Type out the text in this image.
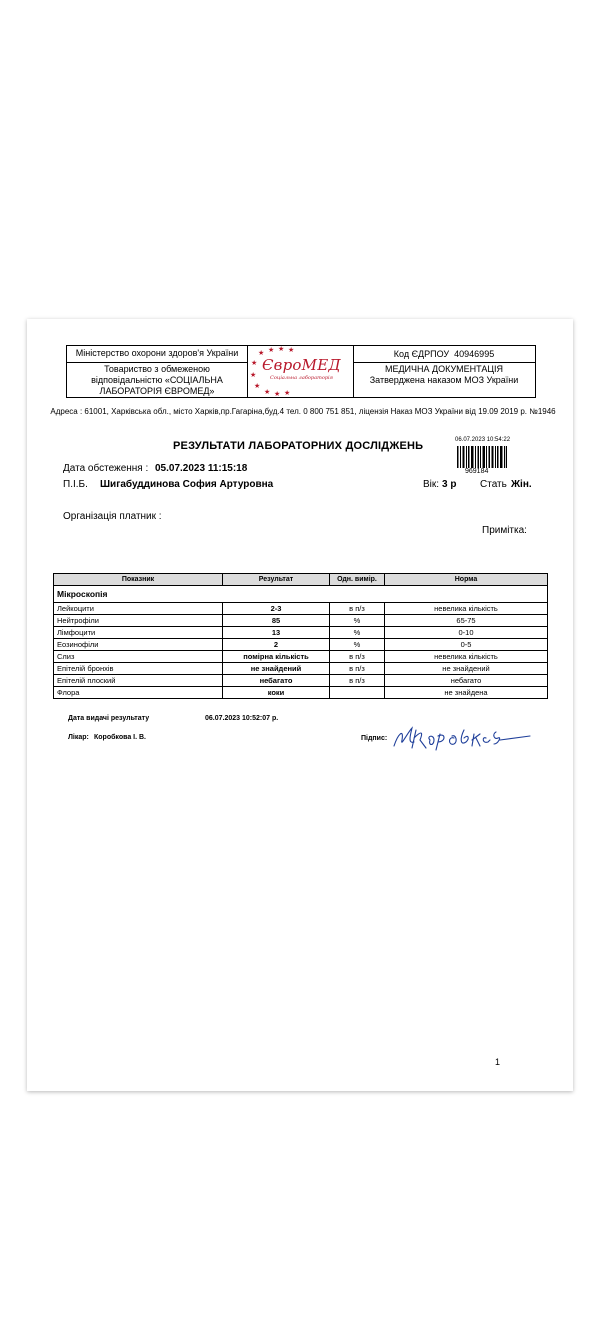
Міністерство охорони здоров'я України
Товариство з обмеженою відповідальністю «СОЦІАЛЬНА ЛАБОРАТОРІЯ ЄВРОМЕД»
★ ★ ★ ★
★
★
★
★ ★ ★
ЄвроМЕД
Соціальна лабораторія
Код ЄДРПОУ 40946995
МЕДИЧНА ДОКУМЕНТАЦІЯ
Затверджена наказом МОЗ України
Адреса : 61001, Харківська обл., місто Харків,пр.Гагаріна,буд.4 тел. 0 800 751 851, ліцензія Наказ МОЗ України від 19.09 2019 р. №1946
РЕЗУЛЬТАТИ ЛАБОРАТОРНИХ ДОСЛІДЖЕНЬ	06.07.2023 10:54:22
969184
Дата обстеження : 05.07.2023 11:15:18
П.І.Б. Шигабуддинова София Артуровна	Вік: 3 р Стать Жін.
Організація платник :
Примітка:
Показник	Результат	Одн. вимір.	Норма
Мікроскопія			
Лейкоцити	2-3	в п/з	невелика кількість
Нейтрофіли	85	%	65-75
Лімфоцити	13	%	0-10
Еозинофіли	2	%	0-5
Слиз	помірна кількість	в п/з	невелика кількість
Епітелій бронхів	не знайдений	в п/з	не знайдений
Епітелій плоский	небагато	в п/з	небагато
Флора	коки		не знайдена
Дата видачі результату	06.07.2023 10:52:07 р.
Лікар: Коробкова І. В.	Підпис:
1
